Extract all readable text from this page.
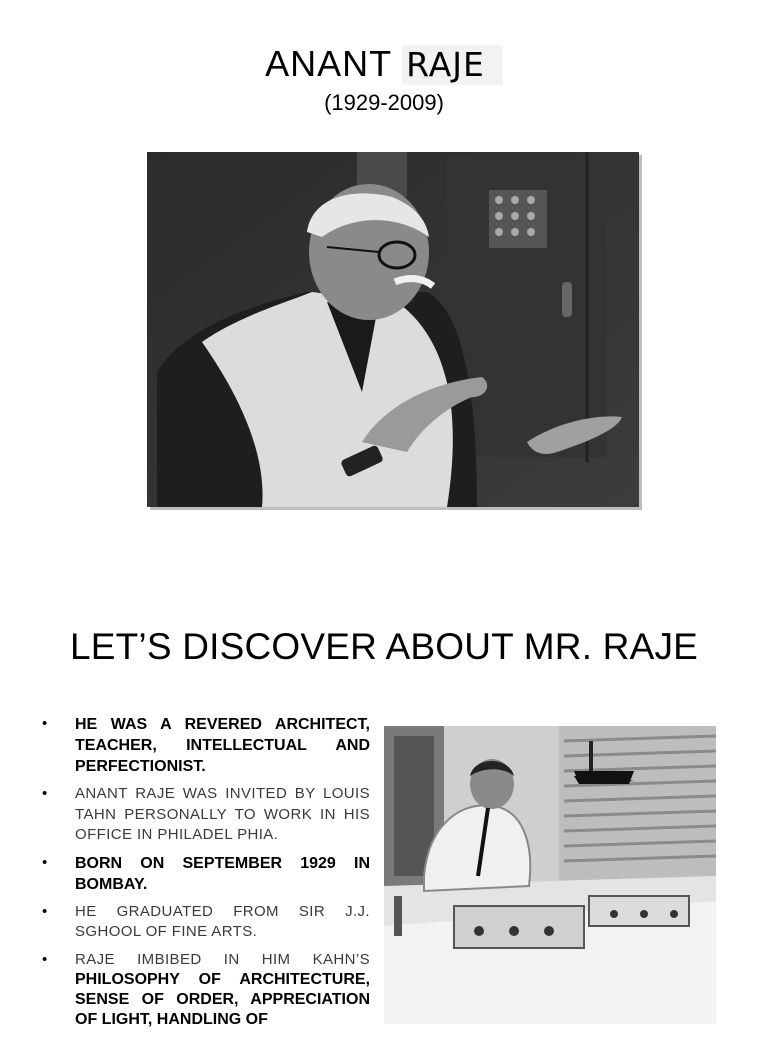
ANANT RAJE
(1929-2009)
LET’S DISCOVER ABOUT MR. RAJE
• HE WAS A REVERED ARCHITECT, TEACHER, INTELLECTUAL AND PERFECTIONIST.
• ANANT RAJE WAS INVITED BY LOUIS TAHN PERSONALLY TO WORK IN HIS OFFICE IN PHILADEL PHIA.
• BORN ON SEPTEMBER 1929 IN BOMBAY.
• HE GRADUATED FROM SIR J.J. SGHOOL OF FINE ARTS.
• RAJE IMBIBED IN HIM KAHN’S PHILOSOPHY OF ARCHITECTURE, SENSE OF ORDER, APPRECIATION OF LIGHT, HANDLING OF
